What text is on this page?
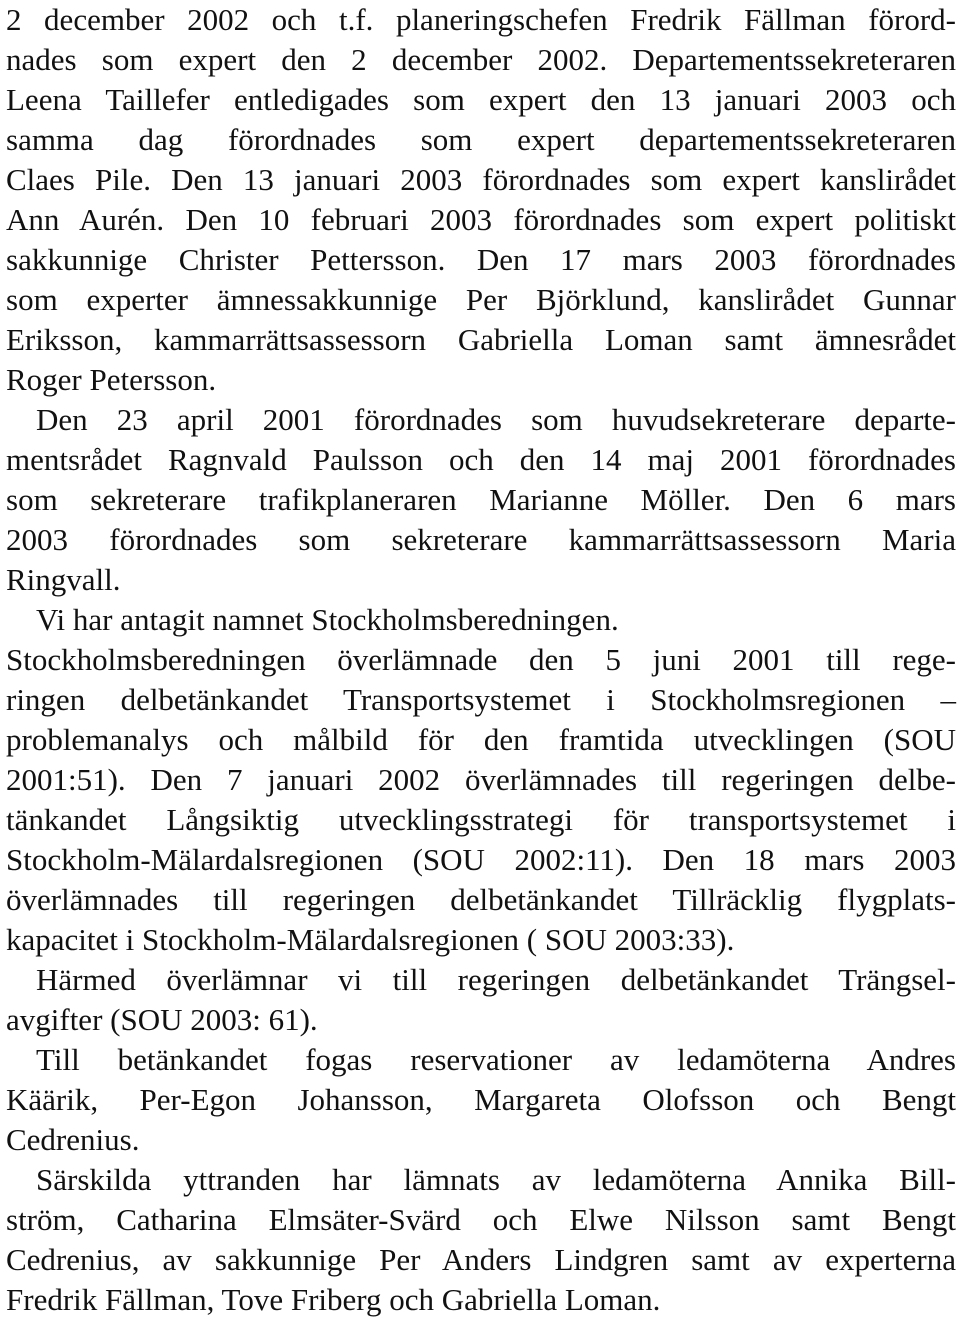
2 december 2002 och t.f. planeringschefen Fredrik Fällman förord-
nades som expert den 2 december 2002. Departementssekreteraren
Leena Taillefer entledigades som expert den 13 januari 2003 och
samma dag förordnades som expert departementssekreteraren
Claes Pile. Den 13 januari 2003 förordnades som expert kanslirådet
Ann Aurén. Den 10 februari 2003 förordnades som expert politiskt
sakkunnige Christer Pettersson. Den 17 mars 2003 förordnades
som experter ämnessakkunnige Per Björklund, kanslirådet Gunnar
Eriksson, kammarrättsassessorn Gabriella Loman samt ämnesrådet
Roger Petersson.
Den 23 april 2001 förordnades som huvudsekreterare departe-
mentsrådet Ragnvald Paulsson och den 14 maj 2001 förordnades
som sekreterare trafikplaneraren Marianne Möller. Den 6 mars
2003 förordnades som sekreterare kammarrättsassessorn Maria
Ringvall.
Vi har antagit namnet Stockholmsberedningen.
Stockholmsberedningen överlämnade den 5 juni 2001 till rege-
ringen delbetänkandet Transportsystemet i Stockholmsregionen –
problemanalys och målbild för den framtida utvecklingen (SOU
2001:51). Den 7 januari 2002 överlämnades till regeringen delbe-
tänkandet Långsiktig utvecklingsstrategi för transportsystemet i
Stockholm-Mälardalsregionen (SOU 2002:11). Den 18 mars 2003
överlämnades till regeringen delbetänkandet Tillräcklig flygplats-
kapacitet i Stockholm-Mälardalsregionen ( SOU 2003:33).
Härmed överlämnar vi till regeringen delbetänkandet Trängsel-
avgifter (SOU 2003: 61).
Till betänkandet fogas reservationer av ledamöterna Andres
Käärik, Per-Egon Johansson, Margareta Olofsson och Bengt
Cedrenius.
Särskilda yttranden har lämnats av ledamöterna Annika Bill-
ström, Catharina Elmsäter-Svärd och Elwe Nilsson samt Bengt
Cedrenius, av sakkunnige Per Anders Lindgren samt av experterna
Fredrik Fällman, Tove Friberg och Gabriella Loman.
